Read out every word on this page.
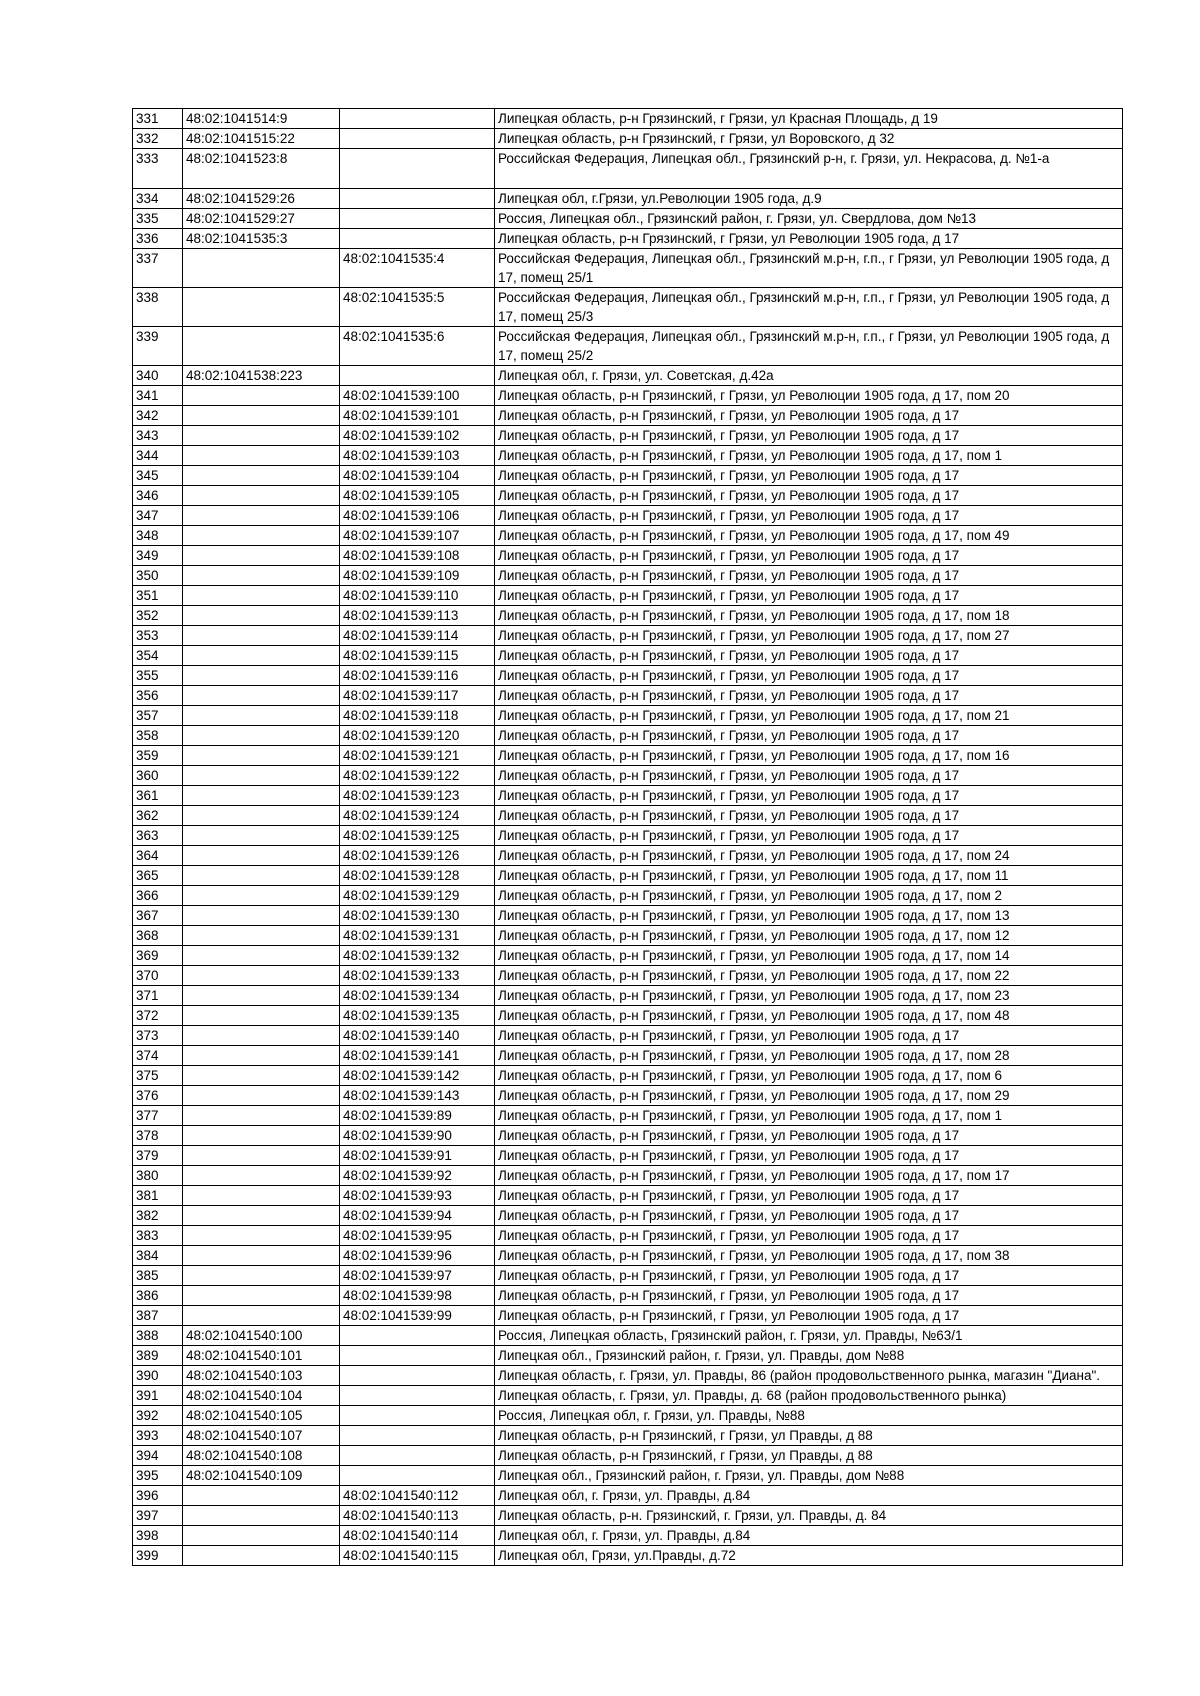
331	48:02:1041514:9		Липецкая область, р-н Грязинский, г Грязи, ул Красная Площадь, д 19
332	48:02:1041515:22		Липецкая область, р-н Грязинский, г Грязи, ул Воровского, д 32
333	48:02:1041523:8		Российская Федерация, Липецкая обл., Грязинский р-н, г. Грязи, ул. Некрасова, д. №1-а
334	48:02:1041529:26		Липецкая обл, г.Грязи, ул.Революции 1905 года, д.9
335	48:02:1041529:27		Россия, Липецкая обл., Грязинский район, г. Грязи, ул. Свердлова, дом №13
336	48:02:1041535:3		Липецкая область, р-н Грязинский, г Грязи, ул Революции 1905 года, д 17
337		48:02:1041535:4	Российская Федерация, Липецкая обл., Грязинский м.р-н, г.п., г Грязи, ул Революции 1905 года, д 17, помещ 25/1
338		48:02:1041535:5	Российская Федерация, Липецкая обл., Грязинский м.р-н, г.п., г Грязи, ул Революции 1905 года, д 17, помещ 25/3
339		48:02:1041535:6	Российская Федерация, Липецкая обл., Грязинский м.р-н, г.п., г Грязи, ул Революции 1905 года, д 17, помещ 25/2
340	48:02:1041538:223		Липецкая обл, г. Грязи, ул. Советская, д.42а
341		48:02:1041539:100	Липецкая область, р-н Грязинский, г Грязи, ул Революции 1905 года, д 17, пом 20
342		48:02:1041539:101	Липецкая область, р-н Грязинский, г Грязи, ул Революции 1905 года, д 17
343		48:02:1041539:102	Липецкая область, р-н Грязинский, г Грязи, ул Революции 1905 года, д 17
344		48:02:1041539:103	Липецкая область, р-н Грязинский, г Грязи, ул Революции 1905 года, д 17, пом 1
345		48:02:1041539:104	Липецкая область, р-н Грязинский, г Грязи, ул Революции 1905 года, д 17
346		48:02:1041539:105	Липецкая область, р-н Грязинский, г Грязи, ул Революции 1905 года, д 17
347		48:02:1041539:106	Липецкая область, р-н Грязинский, г Грязи, ул Революции 1905 года, д 17
348		48:02:1041539:107	Липецкая область, р-н Грязинский, г Грязи, ул Революции 1905 года, д 17, пом 49
349		48:02:1041539:108	Липецкая область, р-н Грязинский, г Грязи, ул Революции 1905 года, д 17
350		48:02:1041539:109	Липецкая область, р-н Грязинский, г Грязи, ул Революции 1905 года, д 17
351		48:02:1041539:110	Липецкая область, р-н Грязинский, г Грязи, ул Революции 1905 года, д 17
352		48:02:1041539:113	Липецкая область, р-н Грязинский, г Грязи, ул Революции 1905 года, д 17, пом 18
353		48:02:1041539:114	Липецкая область, р-н Грязинский, г Грязи, ул Революции 1905 года, д 17, пом 27
354		48:02:1041539:115	Липецкая область, р-н Грязинский, г Грязи, ул Революции 1905 года, д 17
355		48:02:1041539:116	Липецкая область, р-н Грязинский, г Грязи, ул Революции 1905 года, д 17
356		48:02:1041539:117	Липецкая область, р-н Грязинский, г Грязи, ул Революции 1905 года, д 17
357		48:02:1041539:118	Липецкая область, р-н Грязинский, г Грязи, ул Революции 1905 года, д 17, пом 21
358		48:02:1041539:120	Липецкая область, р-н Грязинский, г Грязи, ул Революции 1905 года, д 17
359		48:02:1041539:121	Липецкая область, р-н Грязинский, г Грязи, ул Революции 1905 года, д 17, пом 16
360		48:02:1041539:122	Липецкая область, р-н Грязинский, г Грязи, ул Революции 1905 года, д 17
361		48:02:1041539:123	Липецкая область, р-н Грязинский, г Грязи, ул Революции 1905 года, д 17
362		48:02:1041539:124	Липецкая область, р-н Грязинский, г Грязи, ул Революции 1905 года, д 17
363		48:02:1041539:125	Липецкая область, р-н Грязинский, г Грязи, ул Революции 1905 года, д 17
364		48:02:1041539:126	Липецкая область, р-н Грязинский, г Грязи, ул Революции 1905 года, д 17, пом 24
365		48:02:1041539:128	Липецкая область, р-н Грязинский, г Грязи, ул Революции 1905 года, д 17, пом 11
366		48:02:1041539:129	Липецкая область, р-н Грязинский, г Грязи, ул Революции 1905 года, д 17, пом 2
367		48:02:1041539:130	Липецкая область, р-н Грязинский, г Грязи, ул Революции 1905 года, д 17, пом 13
368		48:02:1041539:131	Липецкая область, р-н Грязинский, г Грязи, ул Революции 1905 года, д 17, пом 12
369		48:02:1041539:132	Липецкая область, р-н Грязинский, г Грязи, ул Революции 1905 года, д 17, пом 14
370		48:02:1041539:133	Липецкая область, р-н Грязинский, г Грязи, ул Революции 1905 года, д 17, пом 22
371		48:02:1041539:134	Липецкая область, р-н Грязинский, г Грязи, ул Революции 1905 года, д 17, пом 23
372		48:02:1041539:135	Липецкая область, р-н Грязинский, г Грязи, ул Революции 1905 года, д 17, пом 48
373		48:02:1041539:140	Липецкая область, р-н Грязинский, г Грязи, ул Революции 1905 года, д 17
374		48:02:1041539:141	Липецкая область, р-н Грязинский, г Грязи, ул Революции 1905 года, д 17, пом 28
375		48:02:1041539:142	Липецкая область, р-н Грязинский, г Грязи, ул Революции 1905 года, д 17, пом 6
376		48:02:1041539:143	Липецкая область, р-н Грязинский, г Грязи, ул Революции 1905 года, д 17, пом 29
377		48:02:1041539:89	Липецкая область, р-н Грязинский, г Грязи, ул Революции 1905 года, д 17, пом 1
378		48:02:1041539:90	Липецкая область, р-н Грязинский, г Грязи, ул Революции 1905 года, д 17
379		48:02:1041539:91	Липецкая область, р-н Грязинский, г Грязи, ул Революции 1905 года, д 17
380		48:02:1041539:92	Липецкая область, р-н Грязинский, г Грязи, ул Революции 1905 года, д 17, пом 17
381		48:02:1041539:93	Липецкая область, р-н Грязинский, г Грязи, ул Революции 1905 года, д 17
382		48:02:1041539:94	Липецкая область, р-н Грязинский, г Грязи, ул Революции 1905 года, д 17
383		48:02:1041539:95	Липецкая область, р-н Грязинский, г Грязи, ул Революции 1905 года, д 17
384		48:02:1041539:96	Липецкая область, р-н Грязинский, г Грязи, ул Революции 1905 года, д 17, пом 38
385		48:02:1041539:97	Липецкая область, р-н Грязинский, г Грязи, ул Революции 1905 года, д 17
386		48:02:1041539:98	Липецкая область, р-н Грязинский, г Грязи, ул Революции 1905 года, д 17
387		48:02:1041539:99	Липецкая область, р-н Грязинский, г Грязи, ул Революции 1905 года, д 17
388	48:02:1041540:100		Россия, Липецкая область, Грязинский район, г. Грязи, ул. Правды, №63/1
389	48:02:1041540:101		Липецкая обл., Грязинский район, г. Грязи, ул. Правды, дом №88
390	48:02:1041540:103		Липецкая область, г. Грязи, ул. Правды, 86 (район продовольственного рынка, магазин "Диана".
391	48:02:1041540:104		Липецкая область, г. Грязи, ул. Правды, д. 68 (район продовольственного рынка)
392	48:02:1041540:105		Россия, Липецкая обл, г. Грязи, ул. Правды, №88
393	48:02:1041540:107		Липецкая область, р-н Грязинский, г Грязи, ул Правды, д 88
394	48:02:1041540:108		Липецкая область, р-н Грязинский, г Грязи, ул Правды, д 88
395	48:02:1041540:109		Липецкая обл., Грязинский район, г. Грязи, ул. Правды, дом №88
396		48:02:1041540:112	Липецкая обл, г. Грязи, ул. Правды, д.84
397		48:02:1041540:113	Липецкая область, р-н. Грязинский, г. Грязи, ул. Правды, д. 84
398		48:02:1041540:114	Липецкая обл, г. Грязи, ул. Правды, д.84
399		48:02:1041540:115	Липецкая обл, Грязи, ул.Правды, д.72
